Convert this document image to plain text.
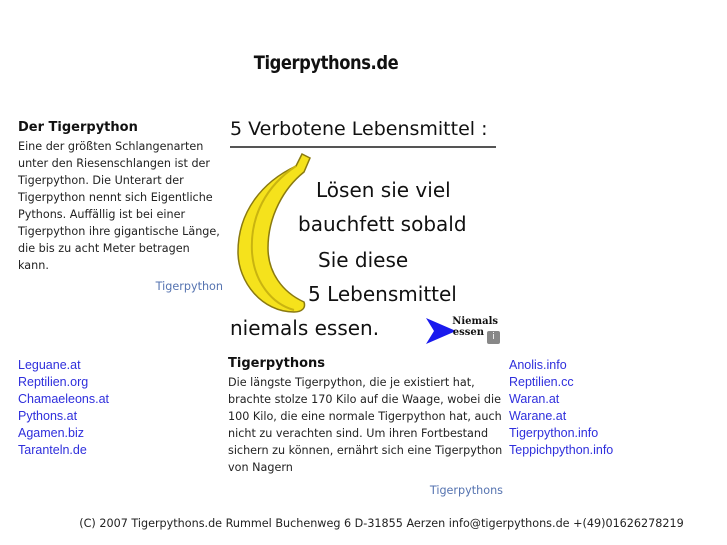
Tigerpythons.de
Der Tigerpython
Eine der größten Schlangenarten unter den Riesenschlangen ist der Tigerpython. Die Unterart der Tigerpython nennt sich Eigentliche Pythons. Auffällig ist bei einer Tigerpython ihre gigantische Länge, die bis zu acht Meter betragen kann.
Tigerpython
5 Verbotene Lebensmittel :
Lösen sie viel
bauchfett sobald
Sie diese
5 Lebensmittel
niemals essen.	Niemals
essen i
Leguane.at
Reptilien.org
Chamaeleons.at
Pythons.at
Agamen.biz
Taranteln.de
Tigerpythons
Die längste Tigerpython, die je existiert hat, brachte stolze 170 Kilo auf die Waage, wobei die 100 Kilo, die eine normale Tigerpython hat, auch nicht zu verachten sind. Um ihren Fortbestand sichern zu können, ernährt sich eine Tigerpython von Nagern
Tigerpythons
Anolis.info
Reptilien.cc
Waran.at
Warane.at
Tigerpython.info
Teppichpython.info
(C) 2007 Tigerpythons.de Rummel Buchenweg 6 D-31855 Aerzen info@tigerpythons.de +(49)01626278219
